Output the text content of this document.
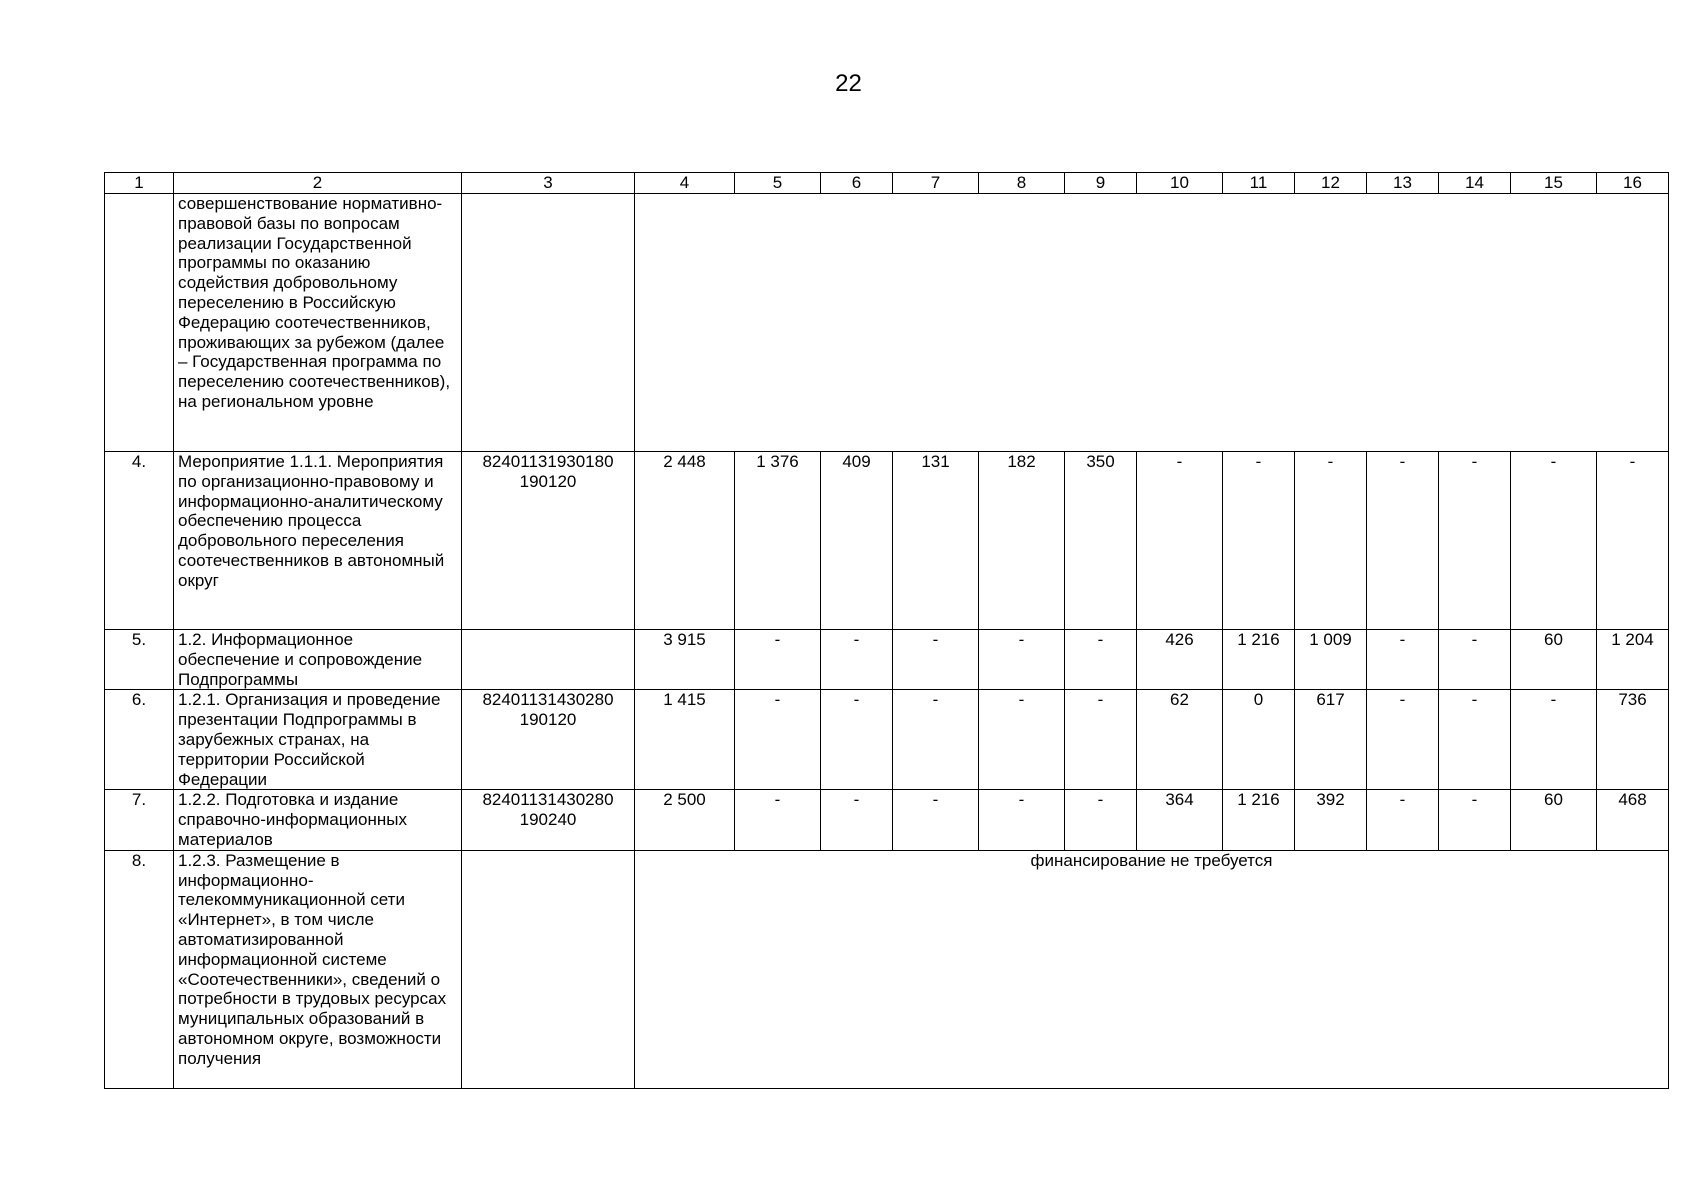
22
1	2	3	4	5	6	7	8	9	10	11	12	13	14	15	16
	совершенствование нормативно-правовой базы по вопросам реализации Государственной программы по оказанию содействия добровольному переселению в Российскую Федерацию соотечественников, проживающих за рубежом (далее – Государственная программа по переселению соотечественников), на региональном уровне														
4.	Мероприятие 1.1.1. Мероприятия по организационно-правовому и информационно-аналитическому обеспечению процесса добровольного переселения соотечественников в автономный округ	82401131930180 190120	2 448	1 376	409	131	182	350	-	-	-	-	-	-	-
5.	1.2. Информационное обеспечение и сопровождение Подпрограммы		3 915	-	-	-	-	-	426	1 216	1 009	-	-	60	1 204
6.	1.2.1. Организация и проведение презентации Подпрограммы в зарубежных странах, на территории Российской Федерации	82401131430280 190120	1 415	-	-	-	-	-	62	0	617	-	-	-	736
7.	1.2.2. Подготовка и издание справочно-информационных материалов	82401131430280 190240	2 500	-	-	-	-	-	364	1 216	392	-	-	60	468
8.	1.2.3. Размещение в информационно-телекоммуникационной сети «Интернет», в том числе автоматизированной информационной системе «Соотечественники», сведений о потребности в трудовых ресурсах муниципальных образований в автономном округе, возможности получения		финансирование не требуется												
